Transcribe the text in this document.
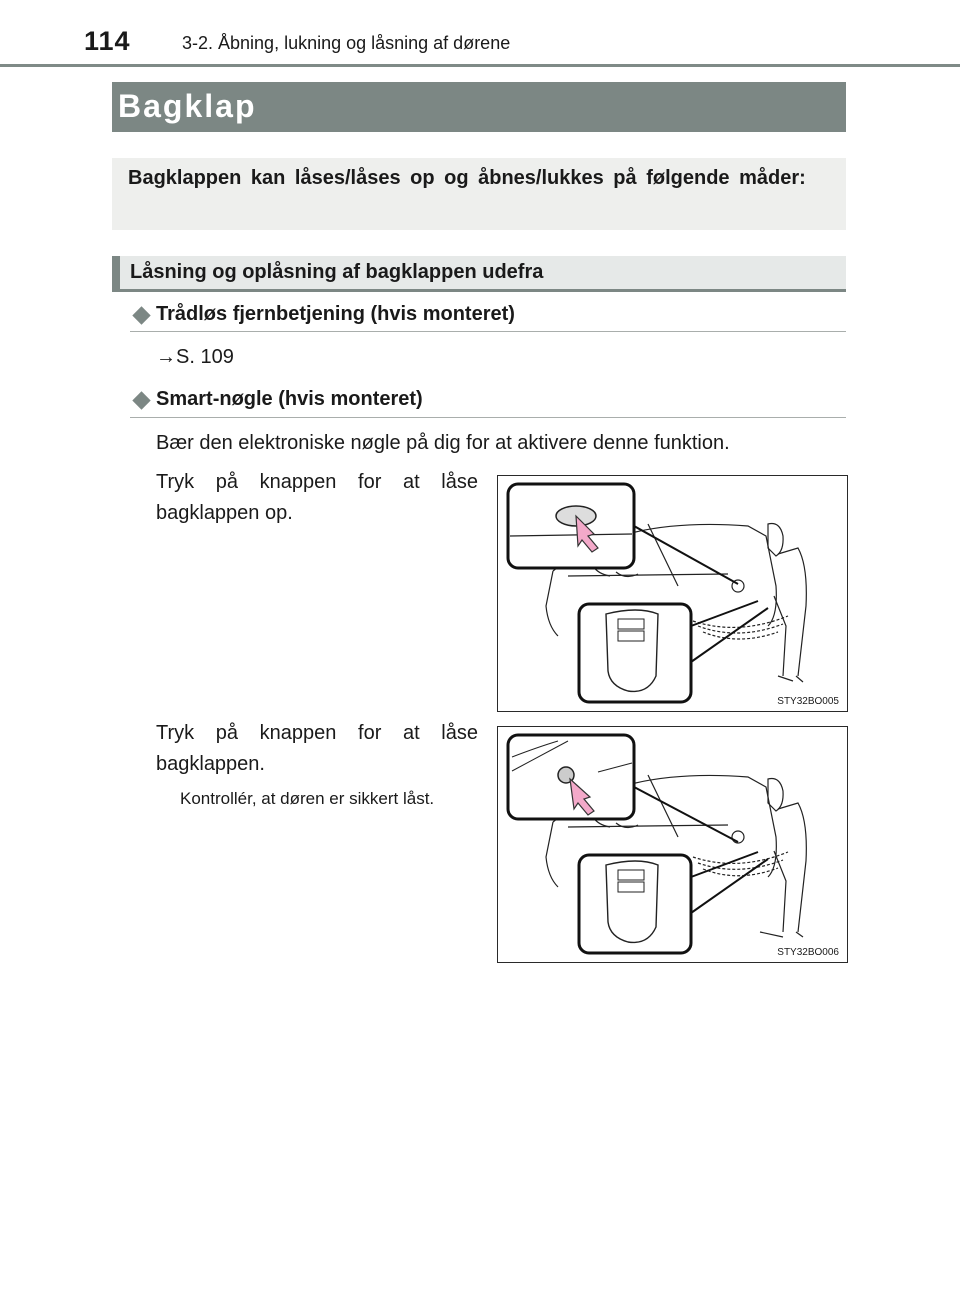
114	3-2. Åbning, lukning og låsning af dørene
Bagklap
Bagklappen kan låses/låses op og åbnes/lukkes på følgende måder:
Låsning og oplåsning af bagklappen udefra
Trådløs fjernbetjening (hvis monteret)
→S. 109
Smart-nøgle (hvis monteret)
Bær den elektroniske nøgle på dig for at aktivere denne funktion.
Tryk på knappen for at låse bagklappen op.
Tryk på knappen for at låse bagklappen.
Kontrollér, at døren er sikkert låst.
STY32BO005
STY32BO006
